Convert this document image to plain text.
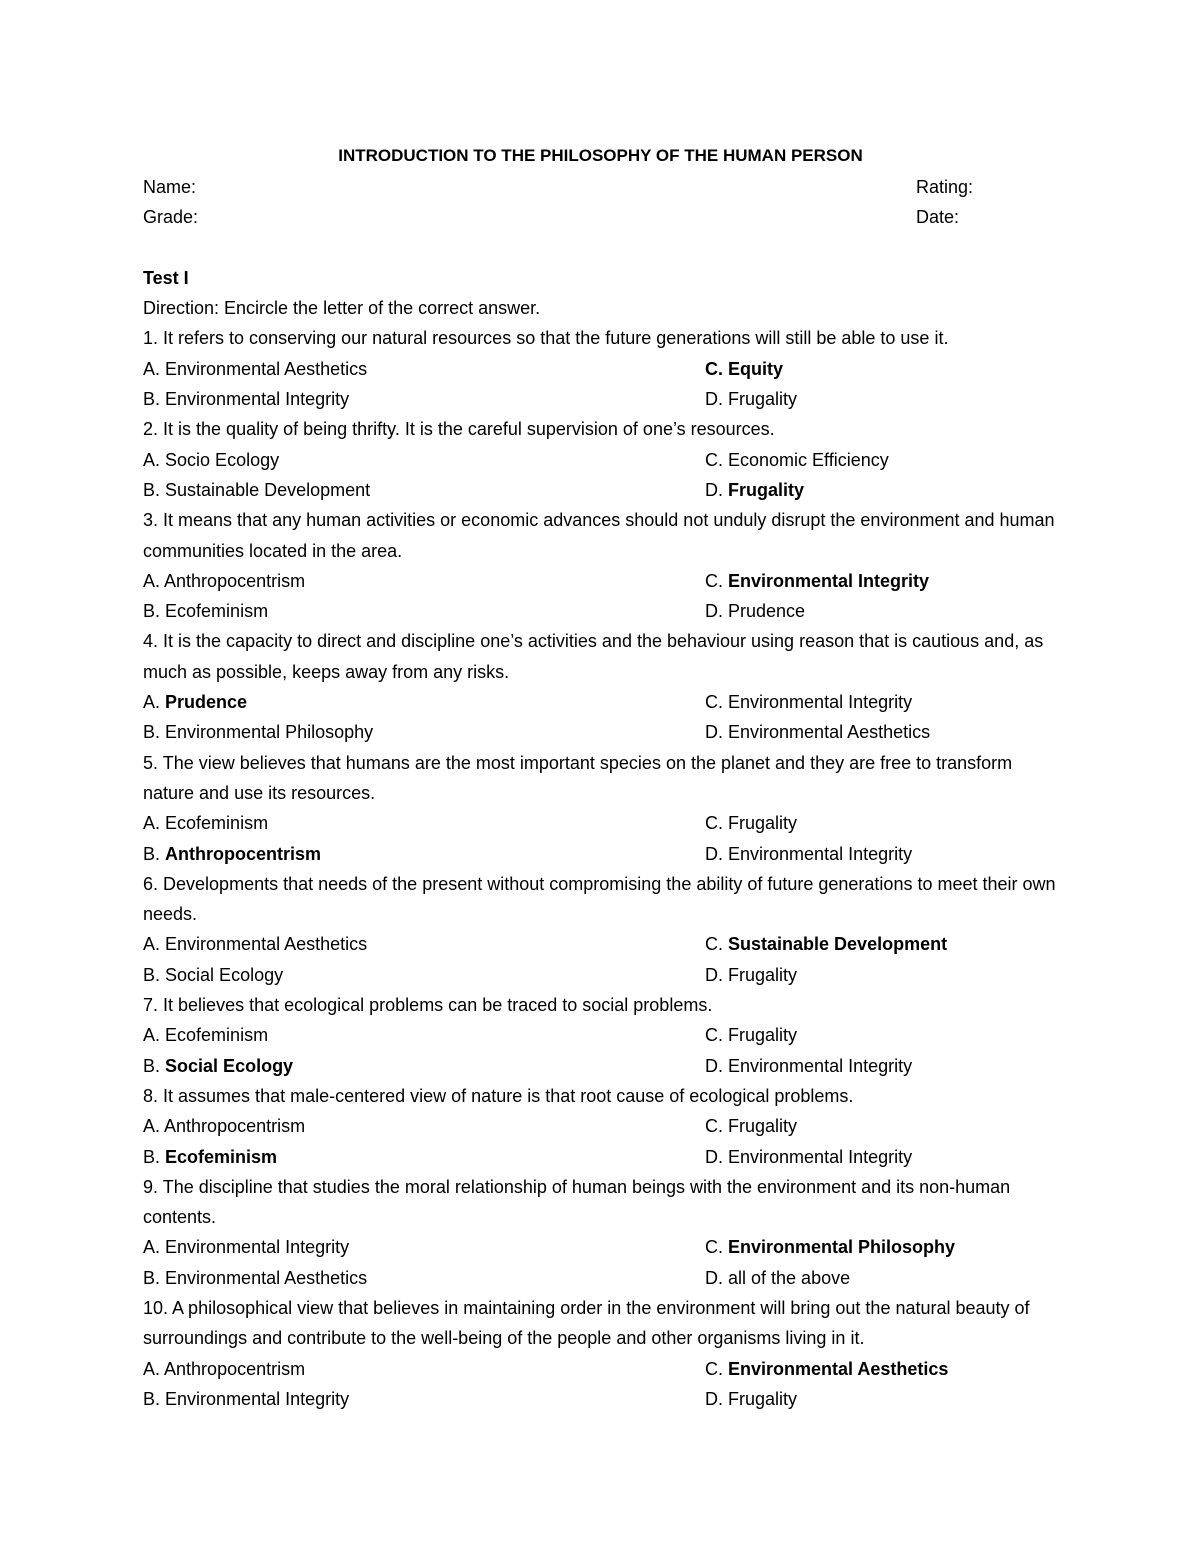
INTRODUCTION TO THE PHILOSOPHY OF THE HUMAN PERSON
Name:	Rating:
Grade:	Date:
Test I
Direction: Encircle the letter of the correct answer.
1. It refers to conserving our natural resources so that the future generations will still be able to use it.
A. Environmental Aesthetics	C. Equity
B. Environmental Integrity	D. Frugality
2. It is the quality of being thrifty. It is the careful supervision of one’s resources.
A. Socio Ecology	C. Economic Efficiency
B. Sustainable Development	D. Frugality
3. It means that any human activities or economic advances should not unduly disrupt the environment and human communities located in the area.
A. Anthropocentrism	C. Environmental Integrity
B. Ecofeminism	D. Prudence
4. It is the capacity to direct and discipline one’s activities and the behaviour using reason that is cautious and, as much as possible, keeps away from any risks.
A. Prudence	C. Environmental Integrity
B. Environmental Philosophy	D. Environmental Aesthetics
5. The view believes that humans are the most important species on the planet and they are free to transform nature and use its resources.
A. Ecofeminism	C. Frugality
B. Anthropocentrism	D. Environmental Integrity
6. Developments that needs of the present without compromising the ability of future generations to meet their own needs.
A. Environmental Aesthetics	C. Sustainable Development
B. Social Ecology	D. Frugality
7. It believes that ecological problems can be traced to social problems.
A. Ecofeminism	C. Frugality
B. Social Ecology	D. Environmental Integrity
8. It assumes that male-centered view of nature is that root cause of ecological problems.
A. Anthropocentrism	C. Frugality
B. Ecofeminism	D. Environmental Integrity
9. The discipline that studies the moral relationship of human beings with the environment and its non-human contents.
A. Environmental Integrity	C. Environmental Philosophy
B. Environmental Aesthetics	D. all of the above
10. A philosophical view that believes in maintaining order in the environment will bring out the natural beauty of surroundings and contribute to the well-being of the people and other organisms living in it.
A. Anthropocentrism	C. Environmental Aesthetics
B. Environmental Integrity	D. Frugality
